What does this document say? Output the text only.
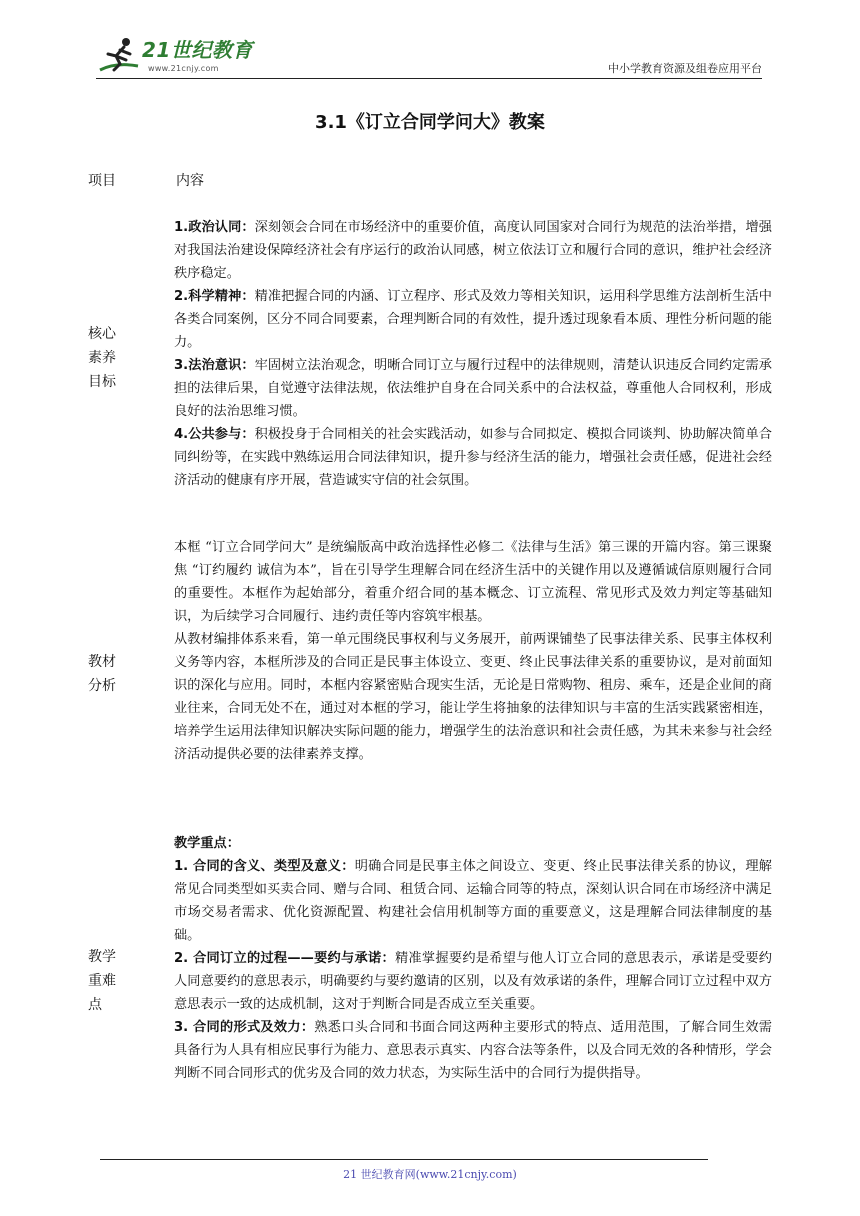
21世纪教育
www.21cnjy.com	中小学教育资源及组卷应用平台
3.1《订立合同学问大》教案
项目	内容
核心
素养
目标

1.政治认同：深刻领会合同在市场经济中的重要价值，高度认同国家对合同行为规范的法治举措，增强对我国法治建设保障经济社会有序运行的政治认同感，树立依法订立和履行合同的意识，维护社会经济秩序稳定。

2.科学精神：精准把握合同的内涵、订立程序、形式及效力等相关知识，运用科学思维方法剖析生活中各类合同案例，区分不同合同要素，合理判断合同的有效性，提升透过现象看本质、理性分析问题的能力。

3.法治意识：牢固树立法治观念，明晰合同订立与履行过程中的法律规则，清楚认识违反合同约定需承担的法律后果，自觉遵守法律法规，依法维护自身在合同关系中的合法权益，尊重他人合同权利，形成良好的法治思维习惯。

4.公共参与：积极投身于合同相关的社会实践活动，如参与合同拟定、模拟合同谈判、协助解决简单合同纠纷等，在实践中熟练运用合同法律知识，提升参与经济生活的能力，增强社会责任感，促进社会经济活动的健康有序开展，营造诚实守信的社会氛围。

教材
分析

本框 “订立合同学问大” 是统编版高中政治选择性必修二《法律与生活》第三课的开篇内容。第三课聚焦 “订约履约 诚信为本”，旨在引导学生理解合同在经济生活中的关键作用以及遵循诚信原则履行合同的重要性。本框作为起始部分，着重介绍合同的基本概念、订立流程、常见形式及效力判定等基础知识，为后续学习合同履行、违约责任等内容筑牢根基。

从教材编排体系来看，第一单元围绕民事权利与义务展开，前两课铺垫了民事法律关系、民事主体权利义务等内容，本框所涉及的合同正是民事主体设立、变更、终止民事法律关系的重要协议，是对前面知识的深化与应用。同时，本框内容紧密贴合现实生活，无论是日常购物、租房、乘车，还是企业间的商业往来，合同无处不在，通过对本框的学习，能让学生将抽象的法律知识与丰富的生活实践紧密相连，培养学生运用法律知识解决实际问题的能力，增强学生的法治意识和社会责任感，为其未来参与社会经济活动提供必要的法律素养支撑。

教学
重难
点

教学重点：

1. 合同的含义、类型及意义：明确合同是民事主体之间设立、变更、终止民事法律关系的协议，理解常见合同类型如买卖合同、赠与合同、租赁合同、运输合同等的特点，深刻认识合同在市场经济中满足市场交易者需求、优化资源配置、构建社会信用机制等方面的重要意义，这是理解合同法律制度的基础。

2. 合同订立的过程——要约与承诺：精准掌握要约是希望与他人订立合同的意思表示，承诺是受要约人同意要约的意思表示，明确要约与要约邀请的区别，以及有效承诺的条件，理解合同订立过程中双方意思表示一致的达成机制，这对于判断合同是否成立至关重要。

3. 合同的形式及效力：熟悉口头合同和书面合同这两种主要形式的特点、适用范围，了解合同生效需具备行为人具有相应民事行为能力、意思表示真实、内容合法等条件，以及合同无效的各种情形，学会判断不同合同形式的优劣及合同的效力状态，为实际生活中的合同行为提供指导。

21 世纪教育网(www.21cnjy.com)
